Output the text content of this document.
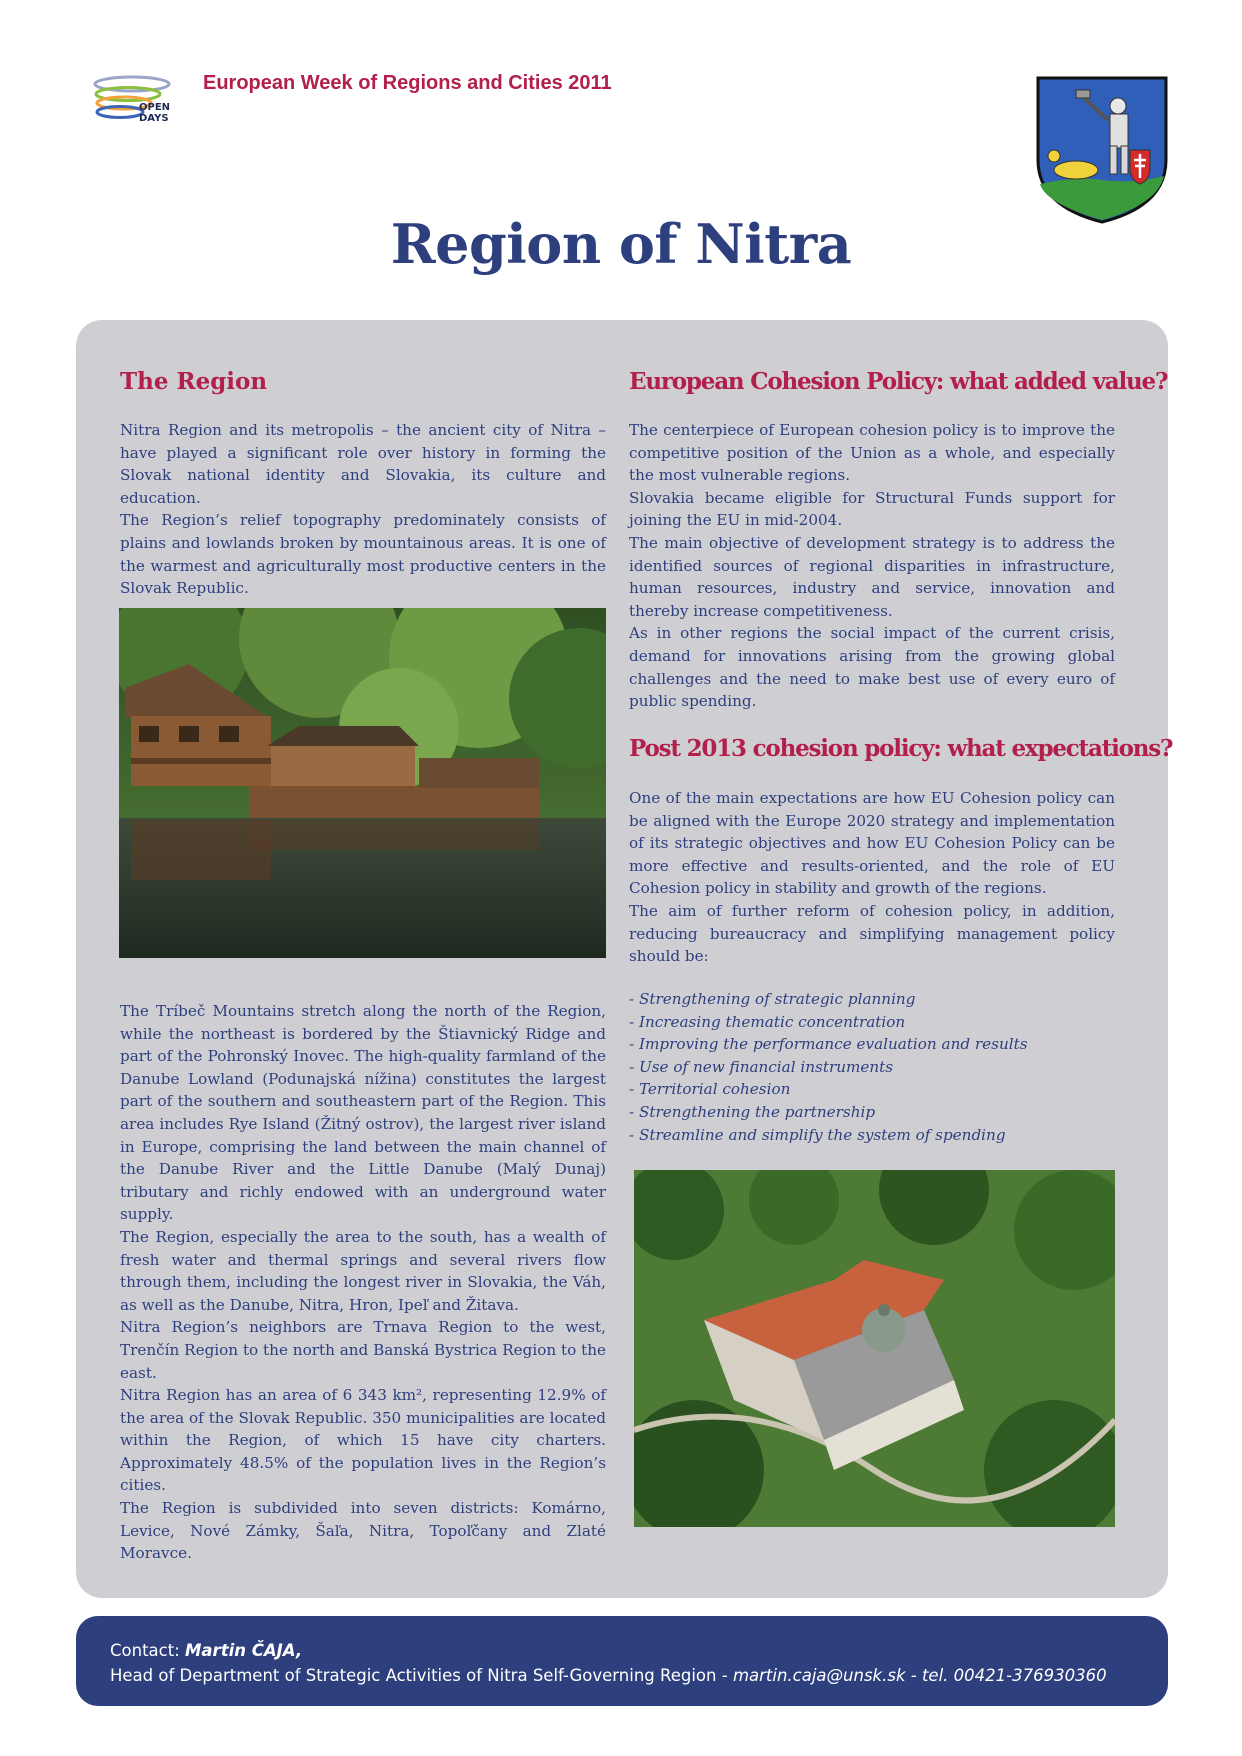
OPEN
DAYS
European Week of Regions and Cities 2011
Region of Nitra
The Region

Nitra Region and its metropolis – the ancient city of Nitra – have played a significant role over history in forming the Slovak national identity and Slovakia, its culture and education.

The Region’s relief topography predominately consists of plains and lowlands broken by mountainous areas. It is one of the warmest and agriculturally most productive centers in the Slovak Republic.

The Tríbeč Mountains stretch along the north of the Region, while the northeast is bordered by the Štiavnický Ridge and part of the Pohronský Inovec. The high-quality farmland of the Danube Lowland (Podunajská nížina) constitutes the largest part of the southern and southeastern part of the Region. This area includes Rye Island (Žitný ostrov), the largest river island in Europe, comprising the land between the main channel of the Danube River and the Little Danube (Malý Dunaj) tributary and richly endowed with an underground water supply.

The Region, especially the area to the south, has a wealth of fresh water and thermal springs and several rivers flow through them, including the longest river in Slovakia, the Váh, as well as the Danube, Nitra, Hron, Ipeľ and Žitava.

Nitra Region’s neighbors are Trnava Region to the west, Trenčín Region to the north and Banská Bystrica Region to the east.

Nitra Region has an area of 6 343 km², representing 12.9% of the area of the Slovak Republic. 350 municipalities are located within the Region, of which 15 have city charters. Approximately 48.5% of the population lives in the Region’s cities.

The Region is subdivided into seven districts: Komárno, Levice, Nové Zámky, Šaľa, Nitra, Topoľčany and Zlaté Moravce.

European Cohesion Policy: what added value?

The centerpiece of European cohesion policy is to improve the competitive position of the Union as a whole, and especially the most vulnerable regions.

Slovakia became eligible for Structural Funds support for joining the EU in mid-2004.

The main objective of development strategy is to address the identified sources of regional disparities in infrastructure, human resources, industry and service, innovation and thereby increase competitiveness.

As in other regions the social impact of the current crisis, demand for innovations arising from the growing global challenges and the need to make best use of every euro of public spending.

Post 2013 cohesion policy: what expectations?

One of the main expectations are how EU Cohesion policy can be aligned with the Europe 2020 strategy and implementation of its strategic objectives and how EU Cohesion Policy can be more effective and results-oriented, and the role of EU Cohesion policy in stability and growth of the regions.

The aim of further reform of cohesion policy, in addition, reducing bureaucracy and simplifying management policy should be:

- Strengthening of strategic planning
- Increasing thematic concentration
- Improving the performance evaluation and results
- Use of new financial instruments
- Territorial cohesion
- Strengthening the partnership
- Streamline and simplify the system of spending
Contact: Martin ČAJA,
Head of Department of Strategic Activities of Nitra Self-Governing Region - martin.caja@unsk.sk - tel. 00421-376930360
